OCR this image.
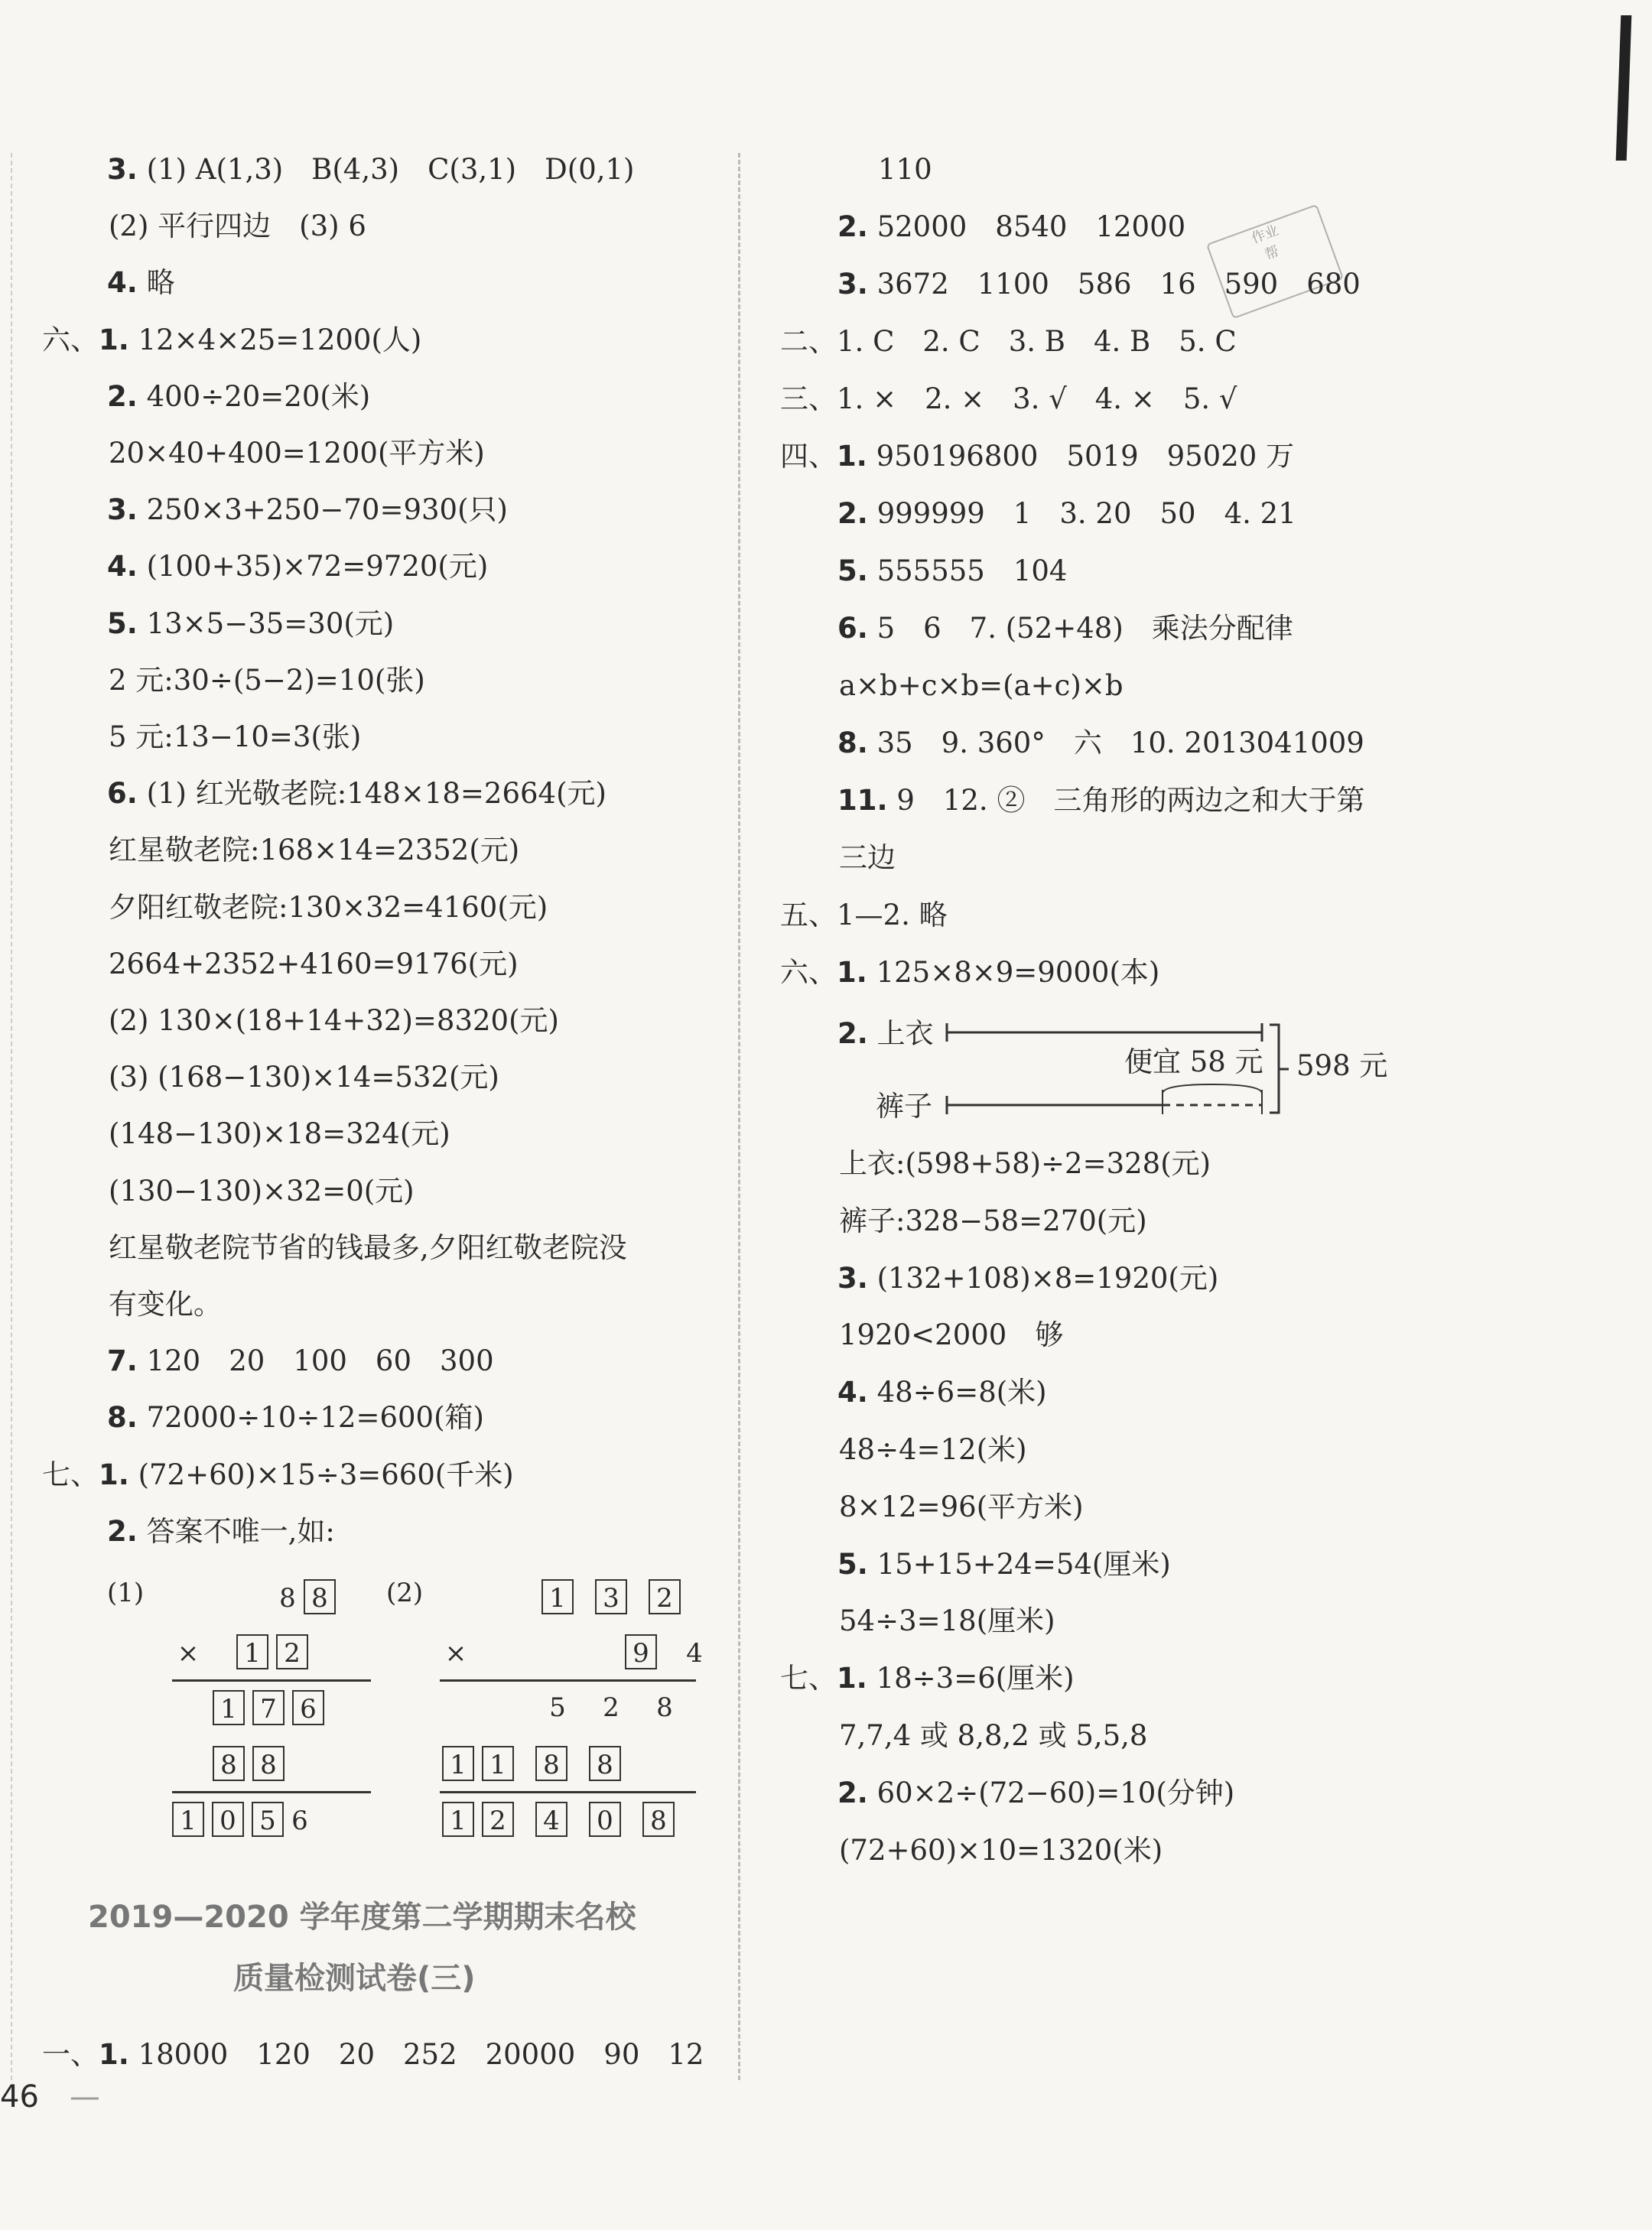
作业
帮
3. (1) A(1,3)　B(4,3)　C(3,1)　D(0,1)
(2) 平行四边　(3) 6
4. 略
六、1. 12×4×25=1200(人)
2. 400÷20=20(米)
20×40+400=1200(平方米)
3. 250×3+250−70=930(只)
4. (100+35)×72=9720(元)
5. 13×5−35=30(元)
2 元:30÷(5−2)=10(张)
5 元:13−10=3(张)
6. (1) 红光敬老院:148×18=2664(元)
红星敬老院:168×14=2352(元)
夕阳红敬老院:130×32=4160(元)
2664+2352+4160=9176(元)
(2) 130×(18+14+32)=8320(元)
(3) (168−130)×14=532(元)
(148−130)×18=324(元)
(130−130)×32=0(元)
红星敬老院节省的钱最多,夕阳红敬老院没
有变化。
7. 120　20　100　60　300
8. 72000÷10÷12=600(箱)
七、1. (72+60)×15÷3=660(千米)
2. 答案不唯一,如:
110
2. 52000　8540　12000
3. 3672　1100　586　16　590　680
二、1. C　2. C　3. B　4. B　5. C
三、1. ×　2. ×　3. √　4. ×　5. √
四、1. 950196800　5019　95020 万
2. 999999　1　3. 20　50　4. 21
5. 555555　104
6. 5　6　7. (52+48)　乘法分配律
a×b+c×b=(a+c)×b
8. 35　9. 360°　六　10. 2013041009
11. 9　12. ②　三角形的两边之和大于第
三边
五、1—2. 略
六、1. 125×8×9=9000(本)
上衣:(598+58)÷2=328(元)
裤子:328−58=270(元)
3. (132+108)×8=1920(元)
1920<2000　够
4. 48÷6=8(米)
48÷4=12(米)
8×12=96(平方米)
5. 15+15+24=54(厘米)
54÷3=18(厘米)
七、1. 18÷3=6(厘米)
7,7,4 或 8,8,2 或 5,5,8
2. 60×2÷(72−60)=10(分钟)
(72+60)×10=1320(米)
(1)	8 8
× 1 2
1 7 6
8 8
1 0 5 6
(2)	1 3 2
×	9 4
5 2 8
1 1 8 8
1 2 4 0 8
2019—2020 学年度第二学期期末名校
质量检测试卷(三)
一、1. 18000　120　20　252　20000　90　12
2. 上衣
裤子
便宜 58 元 598 元
46　—
